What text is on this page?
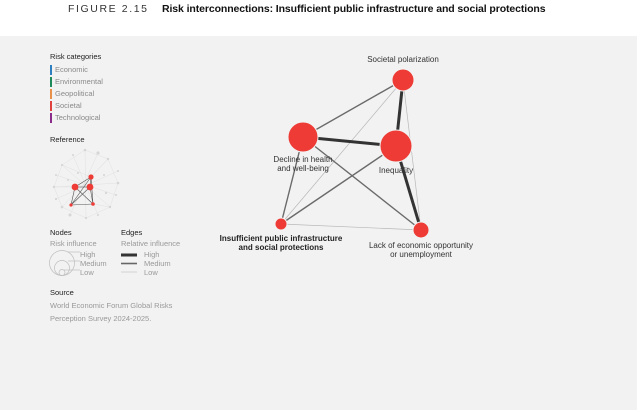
FIGURE 2.15 Risk interconnections: Insufficient public infrastructure and social protections

Risk categories

Economic
Environmental
Geopolitical
Societal
Technological
Reference
Nodes
Risk influence
High
Medium
Low
Edges
Relative influence
High
Medium
Low
Source
World Economic Forum Global Risks Perception Survey 2024-2025.
Societal polarization
Decline in health
and well-being	Inequality
Insufficient public infrastructure
and social protections	Lack of economic opportunity
or unemployment
